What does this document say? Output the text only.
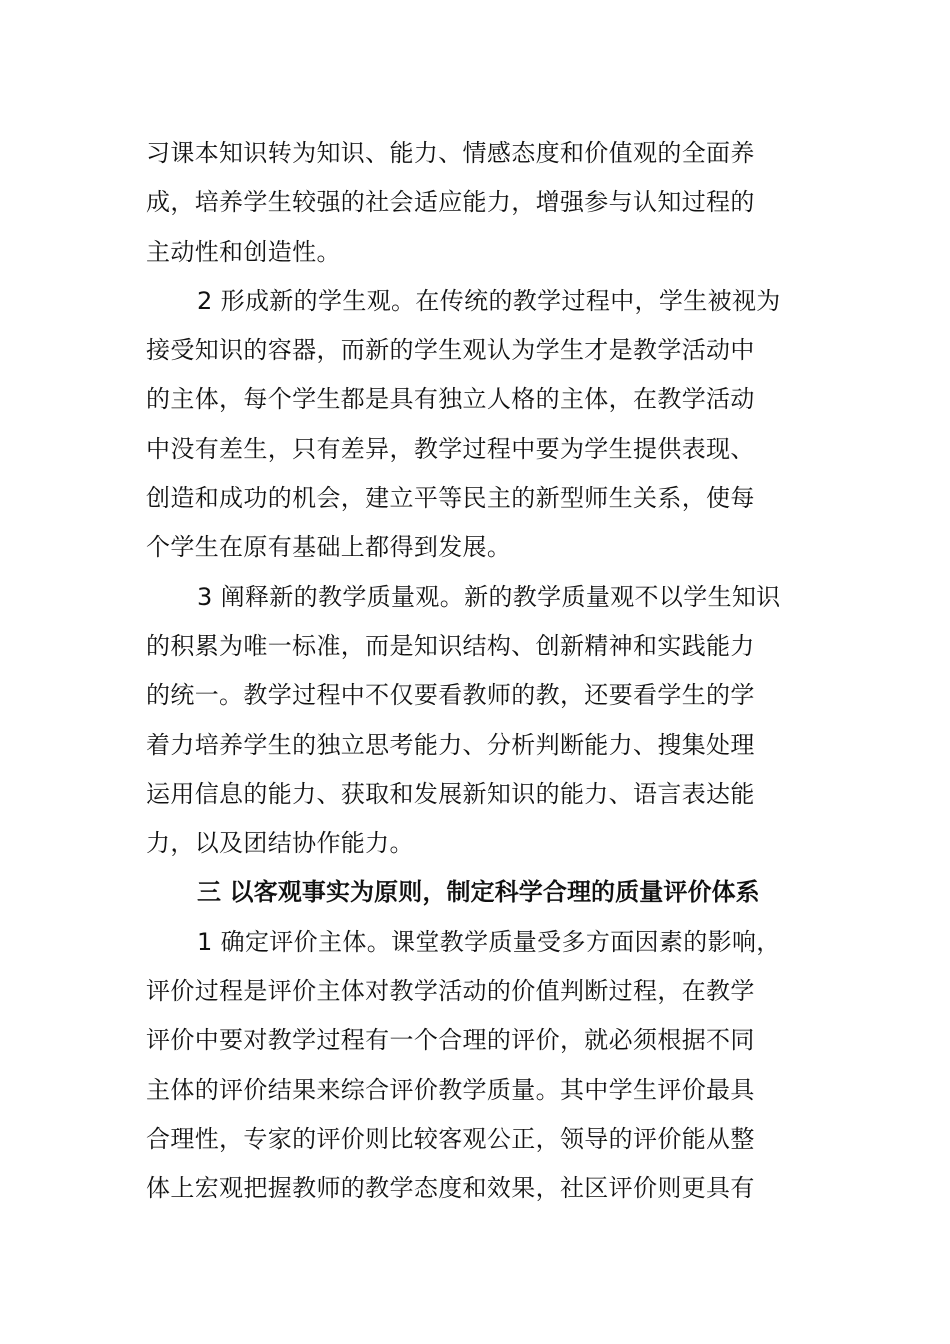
习课本知识转为知识、能力、情感态度和价值观的全面养
成，培养学生较强的社会适应能力，增强参与认知过程的
主动性和创造性。
2 形成新的学生观。在传统的教学过程中，学生被视为
接受知识的容器，而新的学生观认为学生才是教学活动中
的主体，每个学生都是具有独立人格的主体，在教学活动
中没有差生，只有差异，教学过程中要为学生提供表现、
创造和成功的机会，建立平等民主的新型师生关系，使每
个学生在原有基础上都得到发展。
3 阐释新的教学质量观。新的教学质量观不以学生知识
的积累为唯一标准，而是知识结构、创新精神和实践能力
的统一。教学过程中不仅要看教师的教，还要看学生的学
着力培养学生的独立思考能力、分析判断能力、搜集处理
运用信息的能力、获取和发展新知识的能力、语言表达能
力，以及团结协作能力。
三 以客观事实为原则，制定科学合理的质量评价体系
1 确定评价主体。课堂教学质量受多方面因素的影响，
评价过程是评价主体对教学活动的价值判断过程，在教学
评价中要对教学过程有一个合理的评价，就必须根据不同
主体的评价结果来综合评价教学质量。其中学生评价最具
合理性，专家的评价则比较客观公正，领导的评价能从整
体上宏观把握教师的教学态度和效果，社区评价则更具有
